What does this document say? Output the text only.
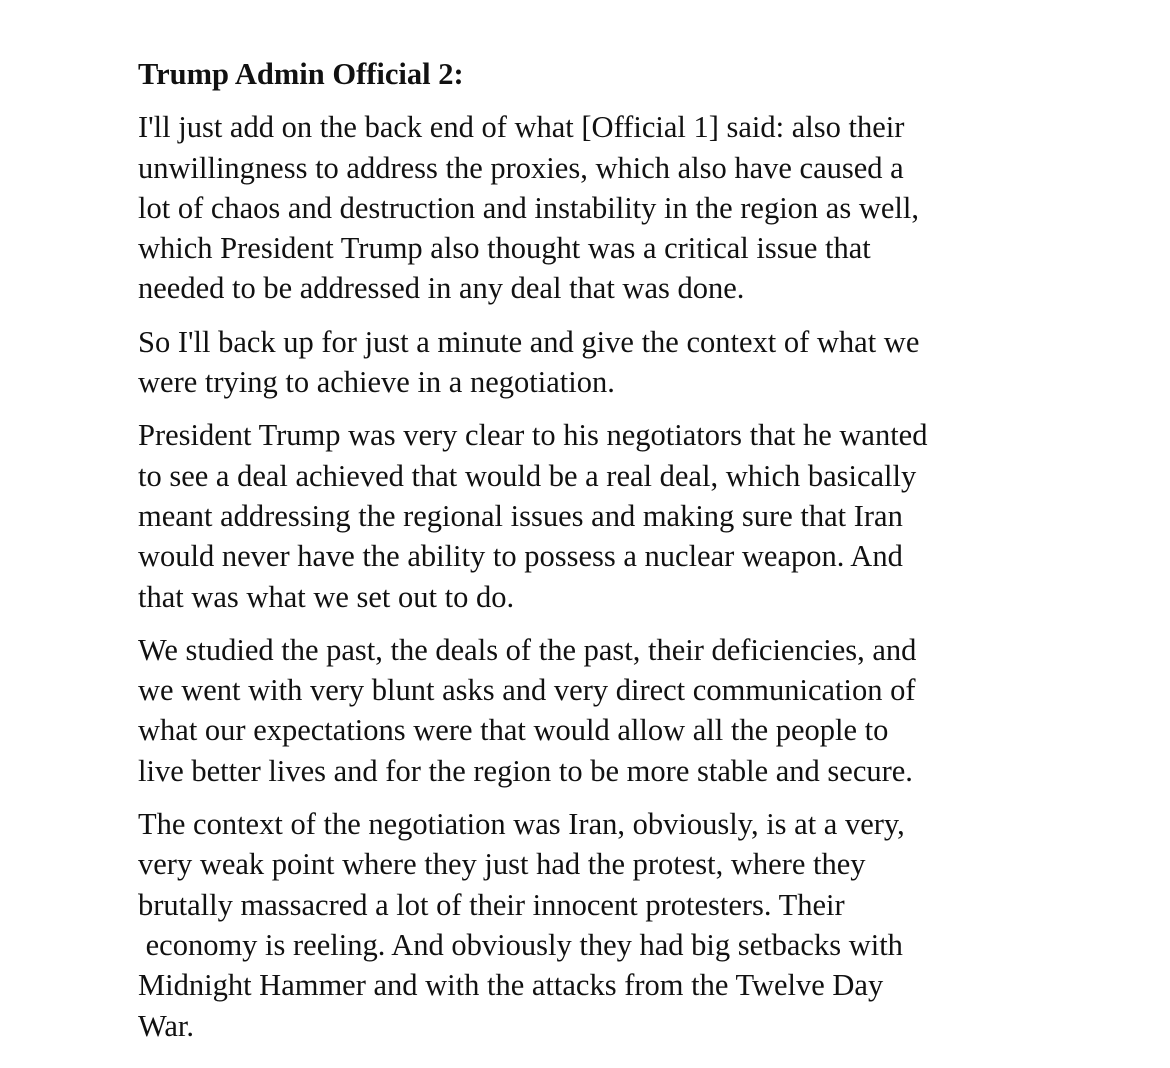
Trump Admin Official 2:
I'll just add on the back end of what [Official 1] said: also their
unwillingness to address the proxies, which also have caused a
lot of chaos and destruction and instability in the region as well,
which President Trump also thought was a critical issue that
needed to be addressed in any deal that was done.
So I'll back up for just a minute and give the context of what we
were trying to achieve in a negotiation.
President Trump was very clear to his negotiators that he wanted
to see a deal achieved that would be a real deal, which basically
meant addressing the regional issues and making sure that Iran
would never have the ability to possess a nuclear weapon. And
that was what we set out to do.
We studied the past, the deals of the past, their deficiencies, and
we went with very blunt asks and very direct communication of
what our expectations were that would allow all the people to
live better lives and for the region to be more stable and secure.
The context of the negotiation was Iran, obviously, is at a very,
very weak point where they just had the protest, where they
brutally massacred a lot of their innocent protesters. Their
economy is reeling. And obviously they had big setbacks with
Midnight Hammer and with the attacks from the Twelve Day
War.
